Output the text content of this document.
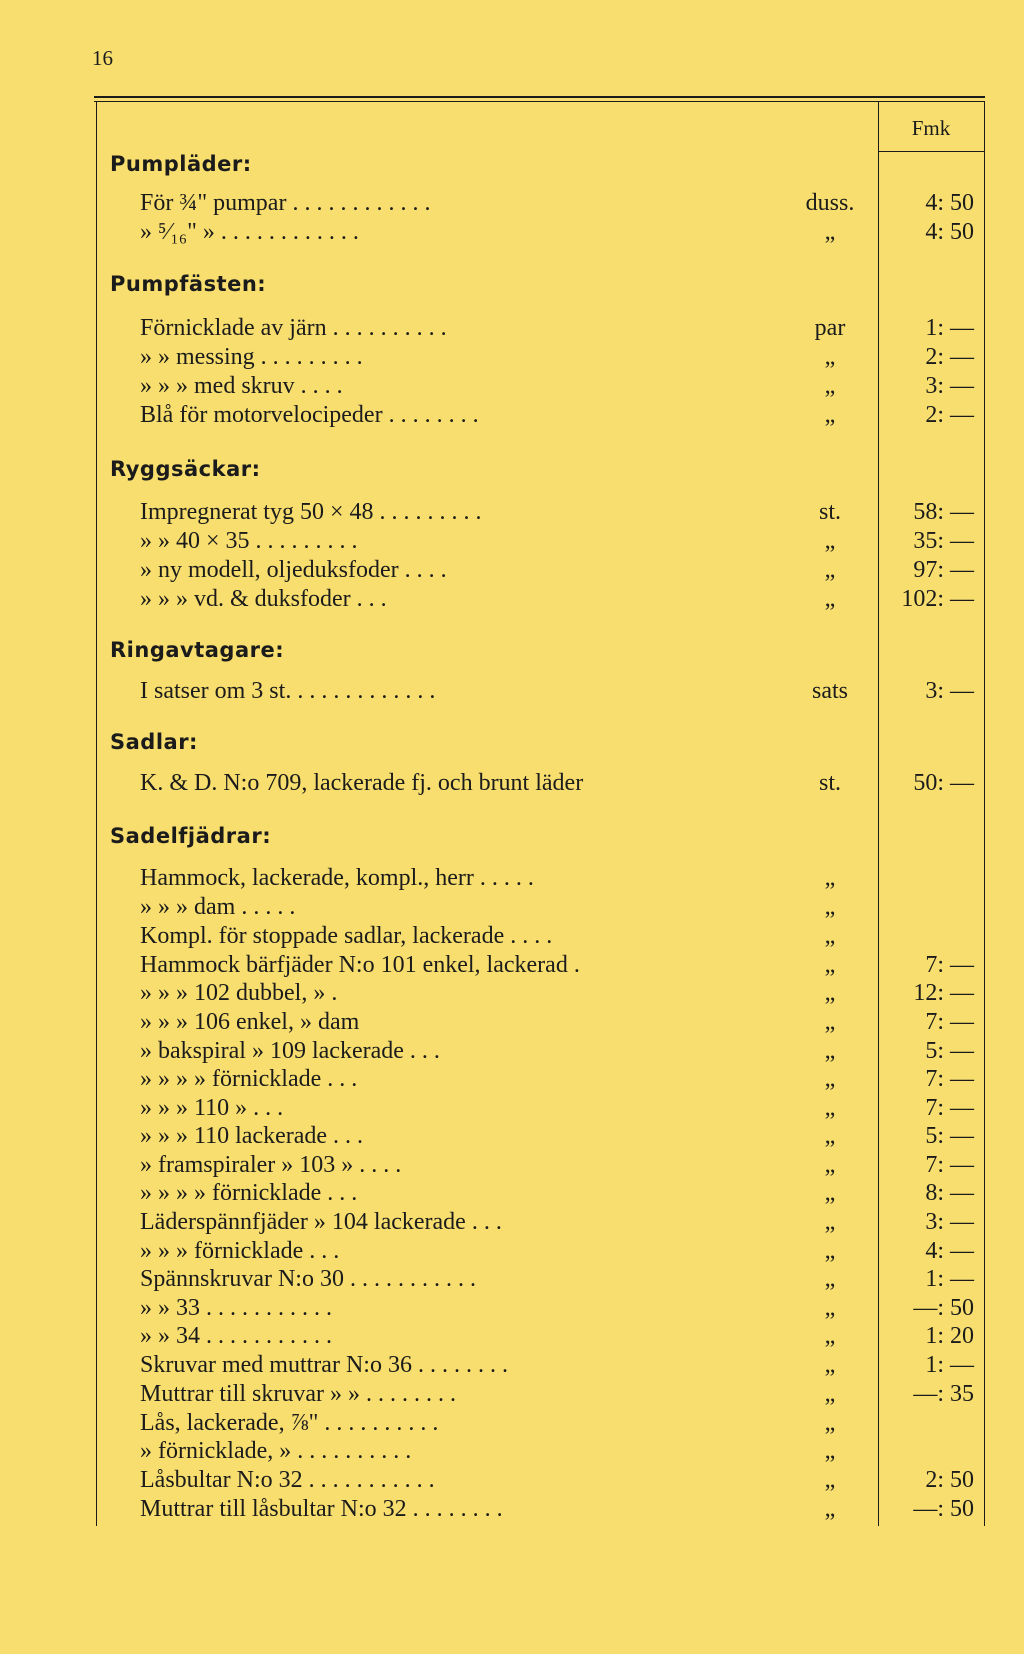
16
Fmk
Pumpläder:
För ¾" pumpar . . . . . . . . . . . .	duss.	4: 50
» ⁵⁄₁₆" » . . . . . . . . . . . .	„	4: 50
Pumpfästen:
Förnicklade av järn . . . . . . . . . .	par	1: —
» » messing . . . . . . . . .	„	2: —
» » » med skruv . . . .	„	3: —
Blå för motorvelocipeder . . . . . . . .	„	2: —
Ryggsäckar:
Impregnerat tyg 50 × 48 . . . . . . . . .	st.	58: —
» » 40 × 35 . . . . . . . . .	„	35: —
» ny modell, oljeduksfoder . . . .	„	97: —
» » » vd. & duksfoder . . .	„	102: —
Ringavtagare:
I satser om 3 st. . . . . . . . . . . . .	sats	3: —
Sadlar:
K. & D. N:o 709, lackerade fj. och brunt läder	st.	50: —
Sadelfjädrar:
Hammock, lackerade, kompl., herr . . . . .	„
» » » dam . . . . .	„
Kompl. för stoppade sadlar, lackerade . . . .	„
Hammock bärfjäder N:o 101 enkel, lackerad .	„	7: —
» » » 102 dubbel, » .	„	12: —
» » » 106 enkel, » dam	„	7: —
» bakspiral » 109 lackerade . . .	„	5: —
» » » » förnicklade . . .	„	7: —
» » » 110 » . . .	„	7: —
» » » 110 lackerade . . .	„	5: —
» framspiraler » 103 » . . . .	„	7: —
» » » » förnicklade . . .	„	8: —
Läderspännfjäder » 104 lackerade . . .	„	3: —
» » » förnicklade . . .	„	4: —
Spännskruvar N:o 30 . . . . . . . . . . .	„	1: —
» » 33 . . . . . . . . . . .	„	—: 50
» » 34 . . . . . . . . . . .	„	1: 20
Skruvar med muttrar N:o 36 . . . . . . . .	„	1: —
Muttrar till skruvar » » . . . . . . . .	„	—: 35
Lås, lackerade, ⅞" . . . . . . . . . .	„
» förnicklade, » . . . . . . . . . .	„
Låsbultar N:o 32 . . . . . . . . . . .	„	2: 50
Muttrar till låsbultar N:o 32 . . . . . . . .	„	—: 50
